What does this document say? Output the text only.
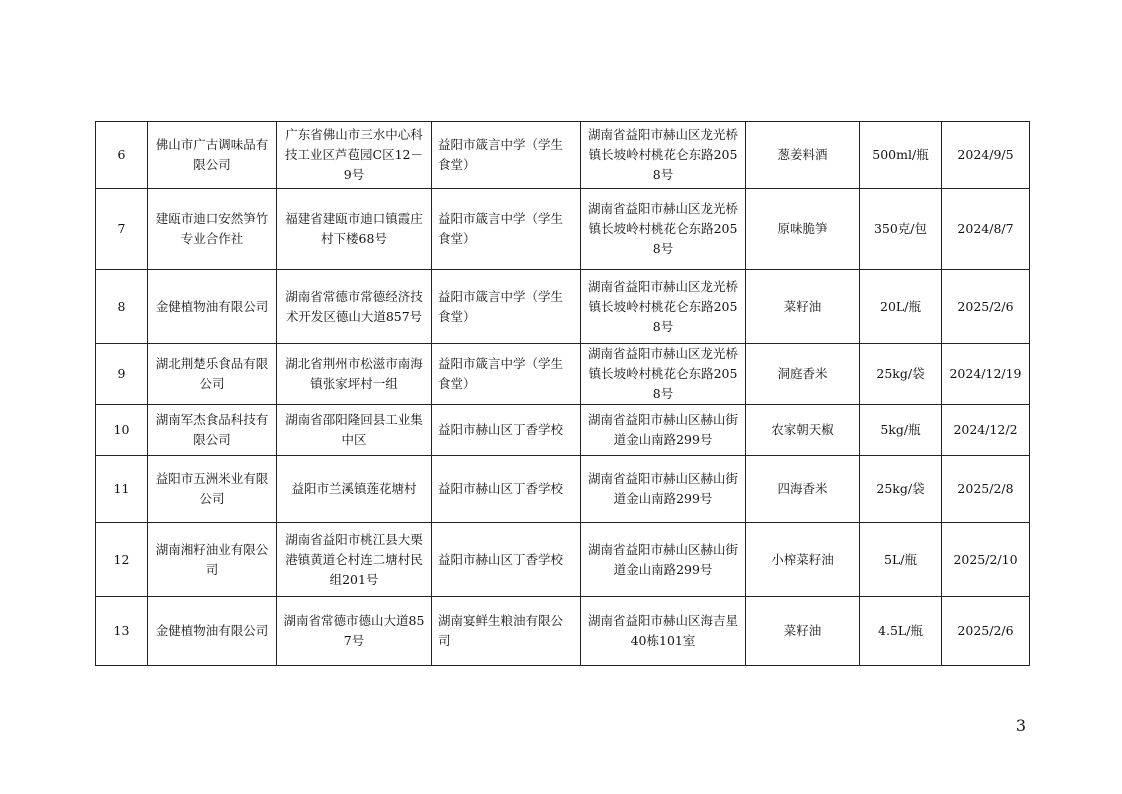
6	佛山市广古调味品有限公司	广东省佛山市三水中心科技工业区芦苞园C区12－9号	益阳市箴言中学（学生食堂）	湖南省益阳市赫山区龙光桥镇长坡岭村桃花仑东路2058号	葱姜料酒	500ml/瓶	2024/9/5
7	建瓯市迪口安然笋竹专业合作社	福建省建瓯市迪口镇霞庄村下楼68号	益阳市箴言中学（学生食堂）	湖南省益阳市赫山区龙光桥镇长坡岭村桃花仑东路2058号	原味脆笋	350克/包	2024/8/7
8	金健植物油有限公司	湖南省常德市常德经济技术开发区德山大道857号	益阳市箴言中学（学生食堂）	湖南省益阳市赫山区龙光桥镇长坡岭村桃花仑东路2058号	菜籽油	20L/瓶	2025/2/6
9	湖北荆楚乐食品有限公司	湖北省荆州市松滋市南海镇张家坪村一组	益阳市箴言中学（学生食堂）	湖南省益阳市赫山区龙光桥镇长坡岭村桃花仑东路2058号	洞庭香米	25kg/袋	2024/12/19
10	湖南军杰食品科技有限公司	湖南省邵阳隆回县工业集中区	益阳市赫山区丁香学校	湖南省益阳市赫山区赫山街道金山南路299号	农家朝天椒	5kg/瓶	2024/12/2
11	益阳市五洲米业有限公司	益阳市兰溪镇莲花塘村	益阳市赫山区丁香学校	湖南省益阳市赫山区赫山街道金山南路299号	四海香米	25kg/袋	2025/2/8
12	湖南湘籽油业有限公司	湖南省益阳市桃江县大栗港镇黄道仑村连二塘村民组201号	益阳市赫山区丁香学校	湖南省益阳市赫山区赫山街道金山南路299号	小榨菜籽油	5L/瓶	2025/2/10
13	金健植物油有限公司	湖南省常德市德山大道857号	湖南宴鲜生粮油有限公司	湖南省益阳市赫山区海吉星40栋101室	菜籽油	4.5L/瓶	2025/2/6
3
